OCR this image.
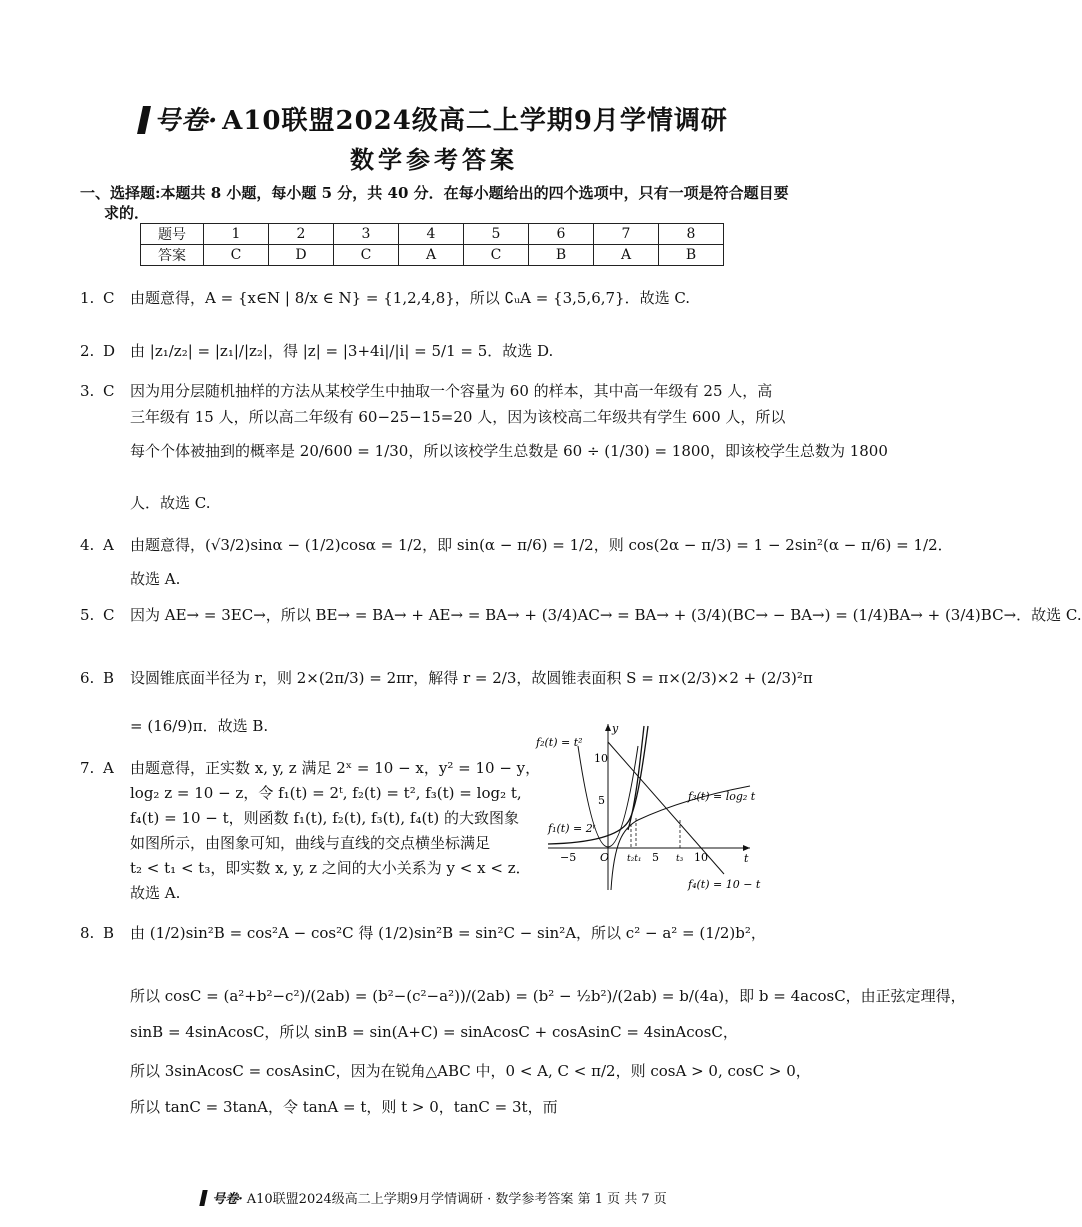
号卷· A10联盟2024级高二上学期9月学情调研
数学参考答案
一、选择题:本题共 8 小题，每小题 5 分，共 40 分．在每小题给出的四个选项中，只有一项是符合题目要
求的．
题号	1	2	3	4	5	6	7	8
答案	C	D	C	A	C	B	A	B
1. C 由题意得，A = {x∈N | 8/x ∈ N} = {1,2,4,8}，所以 ∁ᵤA = {3,5,6,7}．故选 C.
2. D 由 |z₁/z₂| = |z₁|/|z₂|，得 |z| = |3+4i|/|i| = 5/1 = 5．故选 D.
3. C 因为用分层随机抽样的方法从某校学生中抽取一个容量为 60 的样本，其中高一年级有 25 人，高
三年级有 15 人，所以高二年级有 60−25−15=20 人，因为该校高二年级共有学生 600 人，所以
每个个体被抽到的概率是 20/600 = 1/30，所以该校学生总数是 60 ÷ (1/30) = 1800，即该校学生总数为 1800
人．故选 C.
4. A 由题意得，(√3/2)sinα − (1/2)cosα = 1/2，即 sin(α − π/6) = 1/2，则 cos(2α − π/3) = 1 − 2sin²(α − π/6) = 1/2．
故选 A.
5. C 因为 AE→ = 3EC→，所以 BE→ = BA→ + AE→ = BA→ + (3/4)AC→ = BA→ + (3/4)(BC→ − BA→) = (1/4)BA→ + (3/4)BC→．故选 C.
6. B 设圆锥底面半径为 r，则 2×(2π/3) = 2πr，解得 r = 2/3，故圆锥表面积 S = π×(2/3)×2 + (2/3)²π
= (16/9)π．故选 B.
7. A 由题意得，正实数 x, y, z 满足 2ˣ = 10 − x，y² = 10 − y，
log₂ z = 10 − z，令 f₁(t) = 2ᵗ, f₂(t) = t², f₃(t) = log₂ t,
f₄(t) = 10 − t，则函数 f₁(t), f₂(t), f₃(t), f₄(t) 的大致图象
如图所示，由图象可知，曲线与直线的交点横坐标满足
t₂ < t₁ < t₃，即实数 x, y, z 之间的大小关系为 y < x < z．
故选 A.
f₂(t) = t²
f₁(t) = 2ᵗ
f₃(t) = log₂ t
f₄(t) = 10 − t
y
t
O
−5	5	10
5
10
t₂t₁	t₃
8. B 由 (1/2)sin²B = cos²A − cos²C 得 (1/2)sin²B = sin²C − sin²A，所以 c² − a² = (1/2)b²，
所以 cosC = (a²+b²−c²)/(2ab) = (b²−(c²−a²))/(2ab) = (b² − ½b²)/(2ab) = b/(4a)，即 b = 4acosC，由正弦定理得，
sinB = 4sinAcosC，所以 sinB = sin(A+C) = sinAcosC + cosAsinC = 4sinAcosC，
所以 3sinAcosC = cosAsinC，因为在锐角△ABC 中，0 < A, C < π/2，则 cosA > 0, cosC > 0，
所以 tanC = 3tanA，令 tanA = t，则 t > 0，tanC = 3t，而
号卷· A10联盟2024级高二上学期9月学情调研 · 数学参考答案 第 1 页 共 7 页
